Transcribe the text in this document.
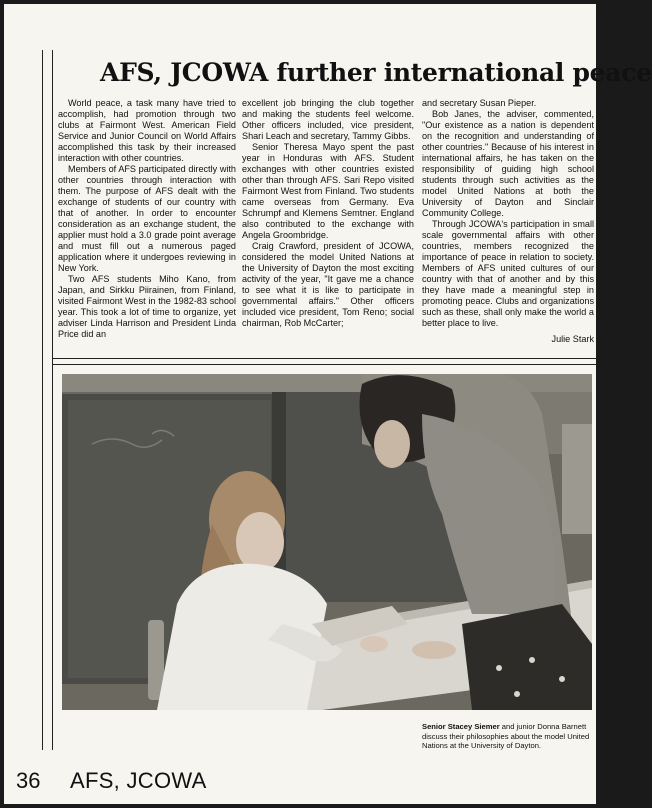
AFS, JCOWA further international peace

World peace, a task many have tried to accomplish, had promotion through two clubs at Fairmont West. American Field Service and Junior Council on World Affairs accomplished this task by their increased interaction with other countries.

Members of AFS participated directly with other countries through interaction with them. The purpose of AFS dealt with the exchange of students of our country with that of another. In order to encounter consideration as an exchange student, the applier must hold a 3.0 grade point average and must fill out a numerous paged application where it undergoes reviewing in New York.

Two AFS students Miho Kano, from Japan, and Sirkku Piirainen, from Finland, visited Fairmont West in the 1982-83 school year. This took a lot of time to organize, yet adviser Linda Harrison and President Linda Price did an

excellent job bringing the club together and making the students feel welcome. Other officers included, vice president, Shari Leach and secretary, Tammy Gibbs.

Senior Theresa Mayo spent the past year in Honduras with AFS. Student exchanges with other countries existed other than through AFS. Sari Repo visited Fairmont West from Finland. Two students came overseas from Germany. Eva Schrumpf and Klemens Semtner. England also contributed to the exchange with Angela Groombridge.

Craig Crawford, president of JCOWA, considered the model United Nations at the University of Dayton the most exciting activity of the year, "It gave me a chance to see what it is like to participate in governmental affairs." Other officers included vice president, Tom Reno; social chairman, Rob McCarter;

and secretary Susan Pieper.

Bob Janes, the adviser, commented, "Our existence as a nation is dependent on the recognition and understanding of other countries." Because of his interest in international affairs, he has taken on the responsibility of guiding high school students through such activities as the model United Nations at both the University of Dayton and Sinclair Community College.

Through JCOWA's participation in small scale governmental affairs with other countries, members recognized the importance of peace in relation to society. Members of AFS united cultures of our country with that of another and by this they have made a meaningful step in promoting peace. Clubs and organizations such as these, shall only make the world a better place to live.

Julie Stark
Senior Stacey Siemer and junior Donna Barnett discuss their philosophies about the model United Nations at the University of Dayton.
36 AFS, JCOWA
